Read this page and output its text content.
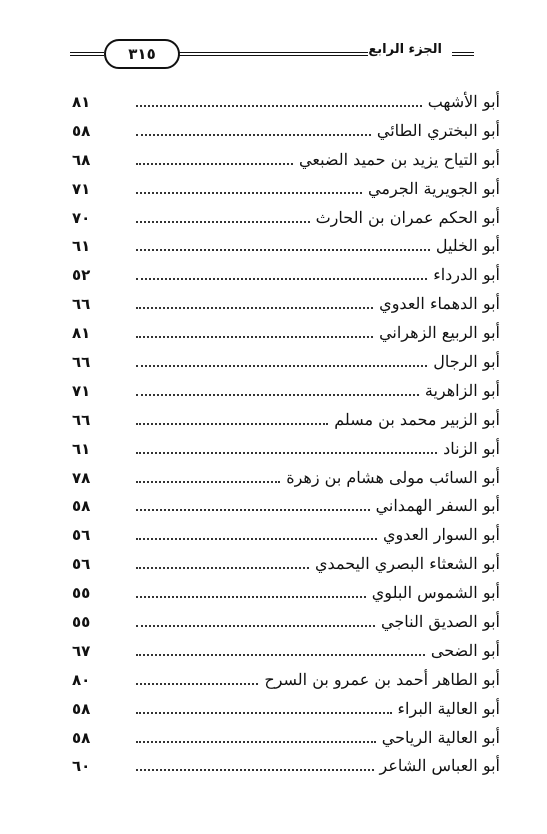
٣١٥	الجزء الرابع
أبو الأشهب
٨١
أبو البختري الطائي
٥٨
أبو التياح يزيد بن حميد الضبعي
٦٨
أبو الجويرية الجرمي
٧١
أبو الحكم عمران بن الحارث
٧٠
أبو الخليل
٦١
أبو الدرداء
٥٢
أبو الدهماء العدوي
٦٦
أبو الربيع الزهراني
٨١
أبو الرجال
٦٦
أبو الزاهرية
٧١
أبو الزبير محمد بن مسلم
٦٦
أبو الزناد
٦١
أبو السائب مولى هشام بن زهرة
٧٨
أبو السفر الهمداني
٥٨
أبو السوار العدوي
٥٦
أبو الشعثاء البصري اليحمدي
٥٦
أبو الشموس البلوي
٥٥
أبو الصديق الناجي
٥٥
أبو الضحى
٦٧
أبو الطاهر أحمد بن عمرو بن السرح
٨٠
أبو العالية البراء
٥٨
أبو العالية الرياحي
٥٨
أبو العباس الشاعر
٦٠
